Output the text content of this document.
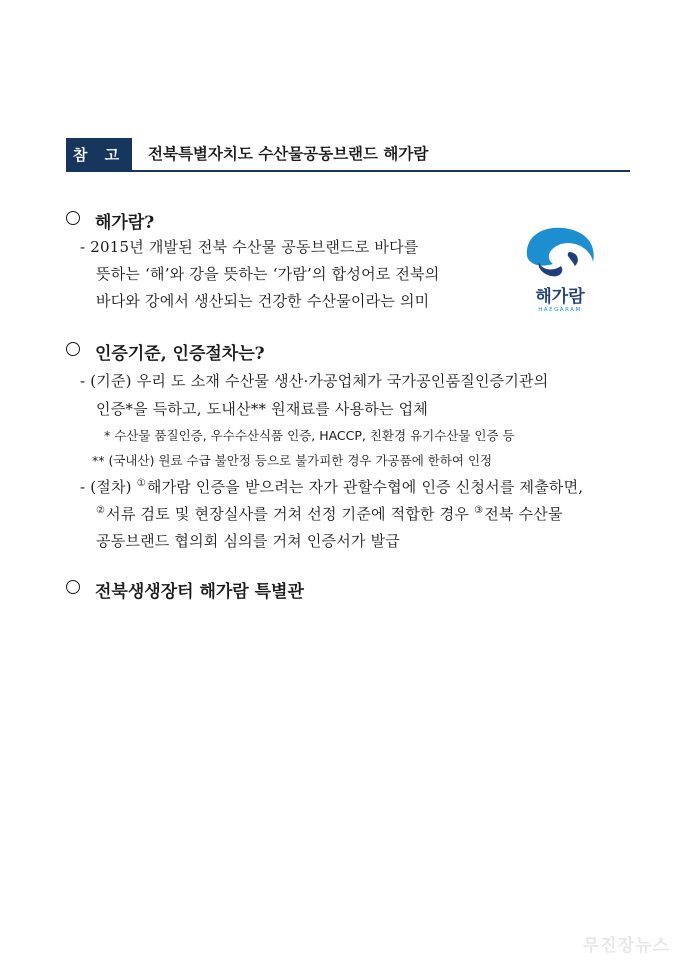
참 고	전북특별자치도 수산물공동브랜드 해가람
해가람?
- 2015년 개발된 전북 수산물 공동브랜드로 바다를
뜻하는 ‘해’와 강을 뜻하는 ‘가람’의 합성어로 전북의
바다와 강에서 생산되는 건강한 수산물이라는 의미	해가람
HAEGARAM
인증기준, 인증절차는?
- (기준) 우리 도 소재 수산물 생산·가공업체가 국가공인품질인증기관의
인증*을 득하고, 도내산** 원재료를 사용하는 업체
* 수산물 품질인증, 우수수산식품 인증, HACCP, 친환경 유기수산물 인증 등
** (국내산) 원료 수급 불안정 등으로 불가피한 경우 가공품에 한하여 인정
- (절차) ①해가람 인증을 받으려는 자가 관할수협에 인증 신청서를 제출하면,
②서류 검토 및 현장실사를 거쳐 선정 기준에 적합한 경우 ③전북 수산물
공동브랜드 협의회 심의를 거쳐 인증서가 발급
전북생생장터 해가람 특별관
무진장뉴스
